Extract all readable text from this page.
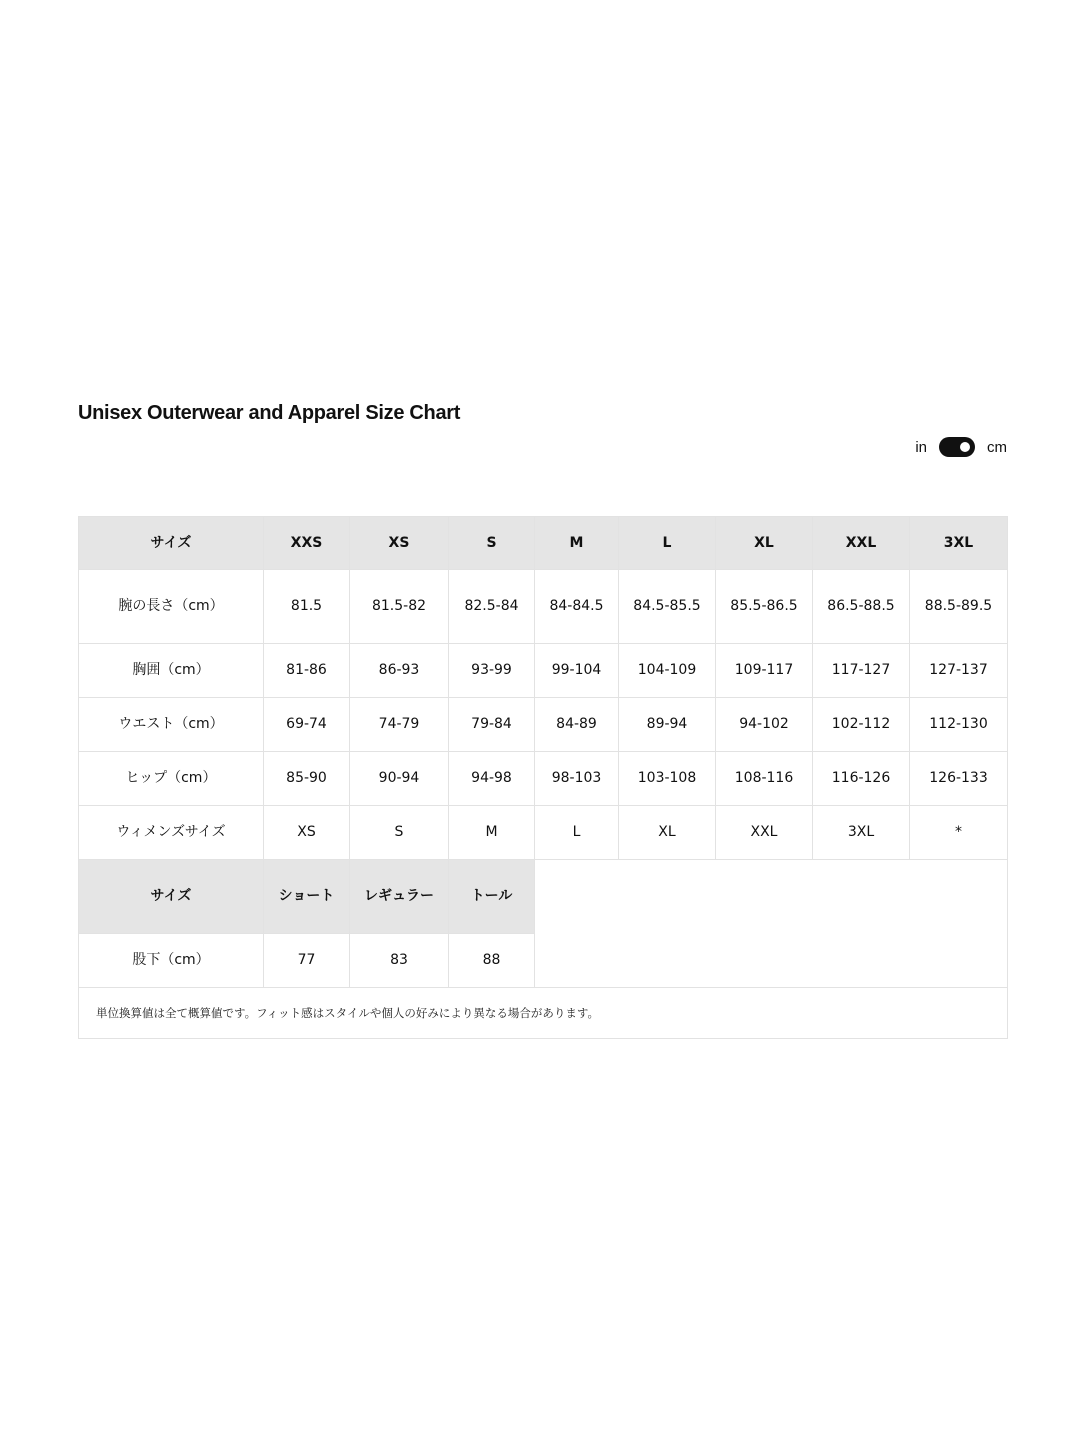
Unisex Outerwear and Apparel Size Chart
in	cm
サイズ	XXS	XS	S	M	L	XL	XXL	3XL
腕の長さ（cm）	81.5	81.5-82	82.5-84	84-84.5	84.5-85.5	85.5-86.5	86.5-88.5	88.5-89.5
胸囲（cm）	81-86	86-93	93-99	99-104	104-109	109-117	117-127	127-137
ウエスト（cm）	69-74	74-79	79-84	84-89	89-94	94-102	102-112	112-130
ヒップ（cm）	85-90	90-94	94-98	98-103	103-108	108-116	116-126	126-133
ウィメンズサイズ	XS	S	M	L	XL	XXL	3XL	*
サイズ	ショート	レギュラー	トール					
股下（cm）	77	83	88					
単位換算値は全て概算値です。フィット感はスタイルや個人の好みにより異なる場合があります。								
